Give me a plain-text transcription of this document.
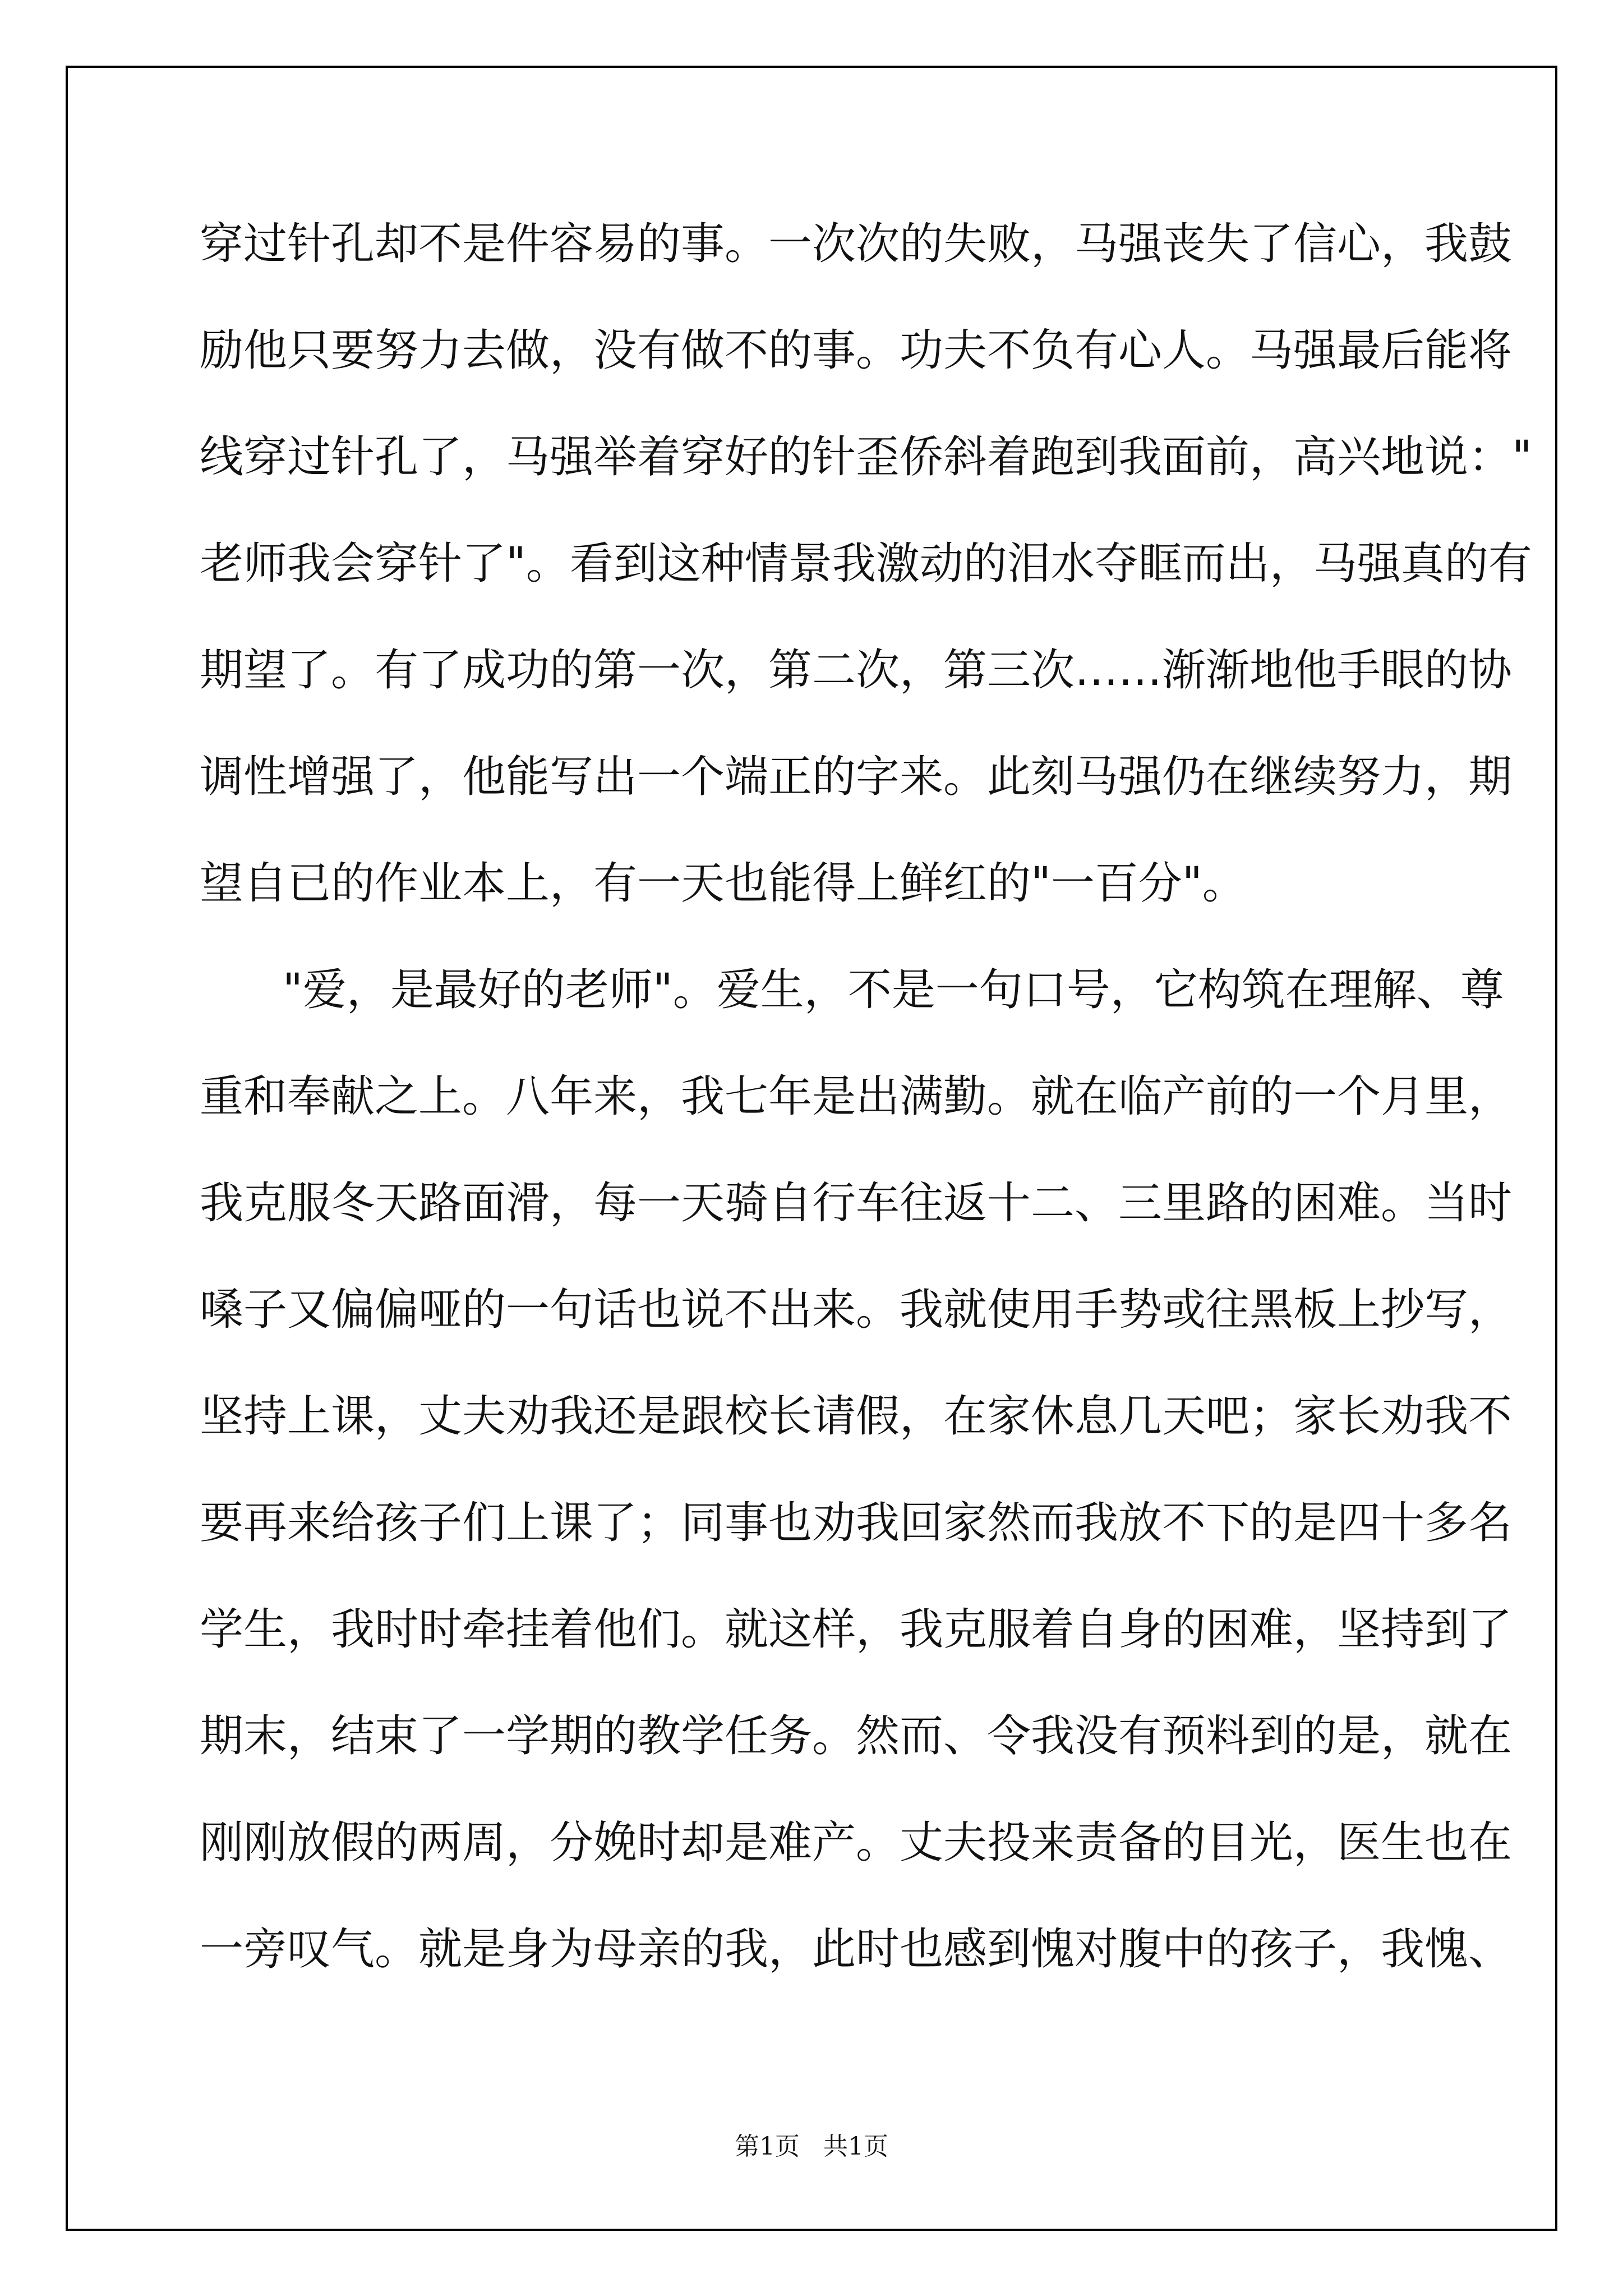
穿过针孔却不是件容易的事。一次次的失败，马强丧失了信心，我鼓
励他只要努力去做，没有做不的事。功夫不负有心人。马强最后能将
线穿过针孔了，马强举着穿好的针歪侨斜着跑到我面前，高兴地说："
老师我会穿针了"。看到这种情景我激动的泪水夺眶而出，马强真的有
期望了。有了成功的第一次，第二次，第三次……渐渐地他手眼的协
调性增强了，他能写出一个端正的字来。此刻马强仍在继续努力，期
望自已的作业本上，有一天也能得上鲜红的"一百分"。
"爱，是最好的老师"。爱生，不是一句口号，它构筑在理解、尊
重和奉献之上。八年来，我七年是出满勤。就在临产前的一个月里，
我克服冬天路面滑，每一天骑自行车往返十二、三里路的困难。当时
嗓子又偏偏哑的一句话也说不出来。我就使用手势或往黑板上抄写，
坚持上课，丈夫劝我还是跟校长请假，在家休息几天吧；家长劝我不
要再来给孩子们上课了；同事也劝我回家然而我放不下的是四十多名
学生，我时时牵挂着他们。就这样，我克服着自身的困难，坚持到了
期末，结束了一学期的教学任务。然而、令我没有预料到的是，就在
刚刚放假的两周，分娩时却是难产。丈夫投来责备的目光，医生也在
一旁叹气。就是身为母亲的我，此时也感到愧对腹中的孩子，我愧、
第1页   共1页
